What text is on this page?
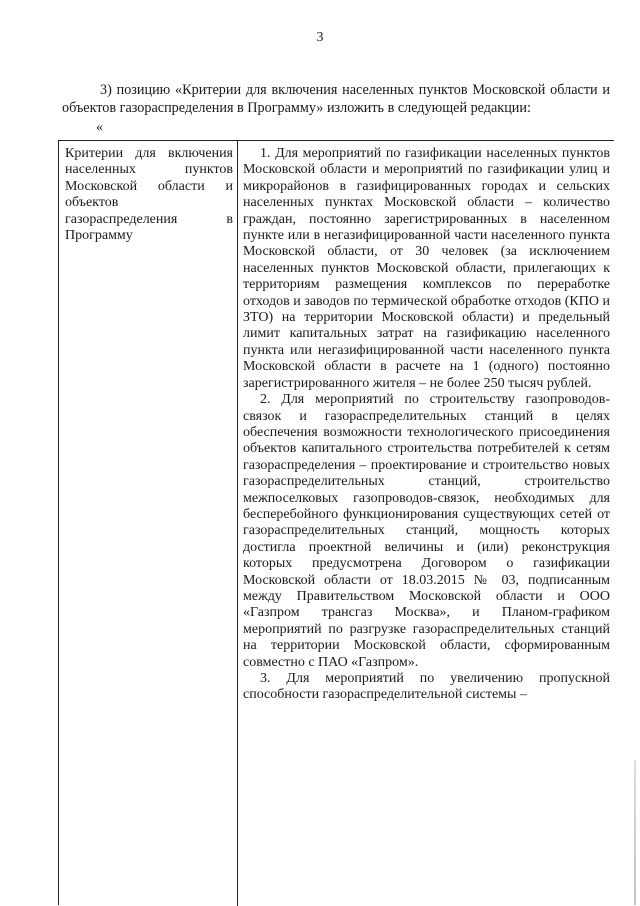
3

3) позицию «Критерии для включения населенных пунктов Московской области и объектов газораспределения в Программу» изложить в следующей редакции:

«
Критерии для включения населенных пунктов Московской области и объектов газораспределения в Программу

1. Для мероприятий по газификации населенных пунктов Московской области и мероприятий по газификации улиц и микрорайонов в газифицированных городах и сельских населенных пунктах Московской области – количество граждан, постоянно зарегистрированных в населенном пункте или в негазифицированной части населенного пункта Московской области, от 30 человек (за исключением населенных пунктов Московской области, прилегающих к территориям размещения комплексов по переработке отходов и заводов по термической обработке отходов (КПО и ЗТО) на территории Московской области) и предельный лимит капитальных затрат на газификацию населенного пункта или негазифицированной части населенного пункта Московской области в расчете на 1 (одного) постоянно зарегистрированного жителя – не более 250 тысяч рублей.

2. Для мероприятий по строительству газопроводов-связок и газораспределительных станций в целях обеспечения возможности технологического присоединения объектов капитального строительства потребителей к сетям газораспределения – проектирование и строительство новых газораспределительных станций, строительство межпоселковых газопроводов-связок, необходимых для бесперебойного функционирования существующих сетей от газораспределительных станций, мощность которых достигла проектной величины и (или) реконструкция которых предусмотрена Договором о газификации Московской области от 18.03.2015 № 03, подписанным между Правительством Московской области и ООО «Газпром трансгаз Москва», и Планом-графиком мероприятий по разгрузке газораспределительных станций на территории Московской области, сформированным совместно с ПАО «Газпром».

3. Для мероприятий по увеличению пропускной способности газораспределительной системы –
